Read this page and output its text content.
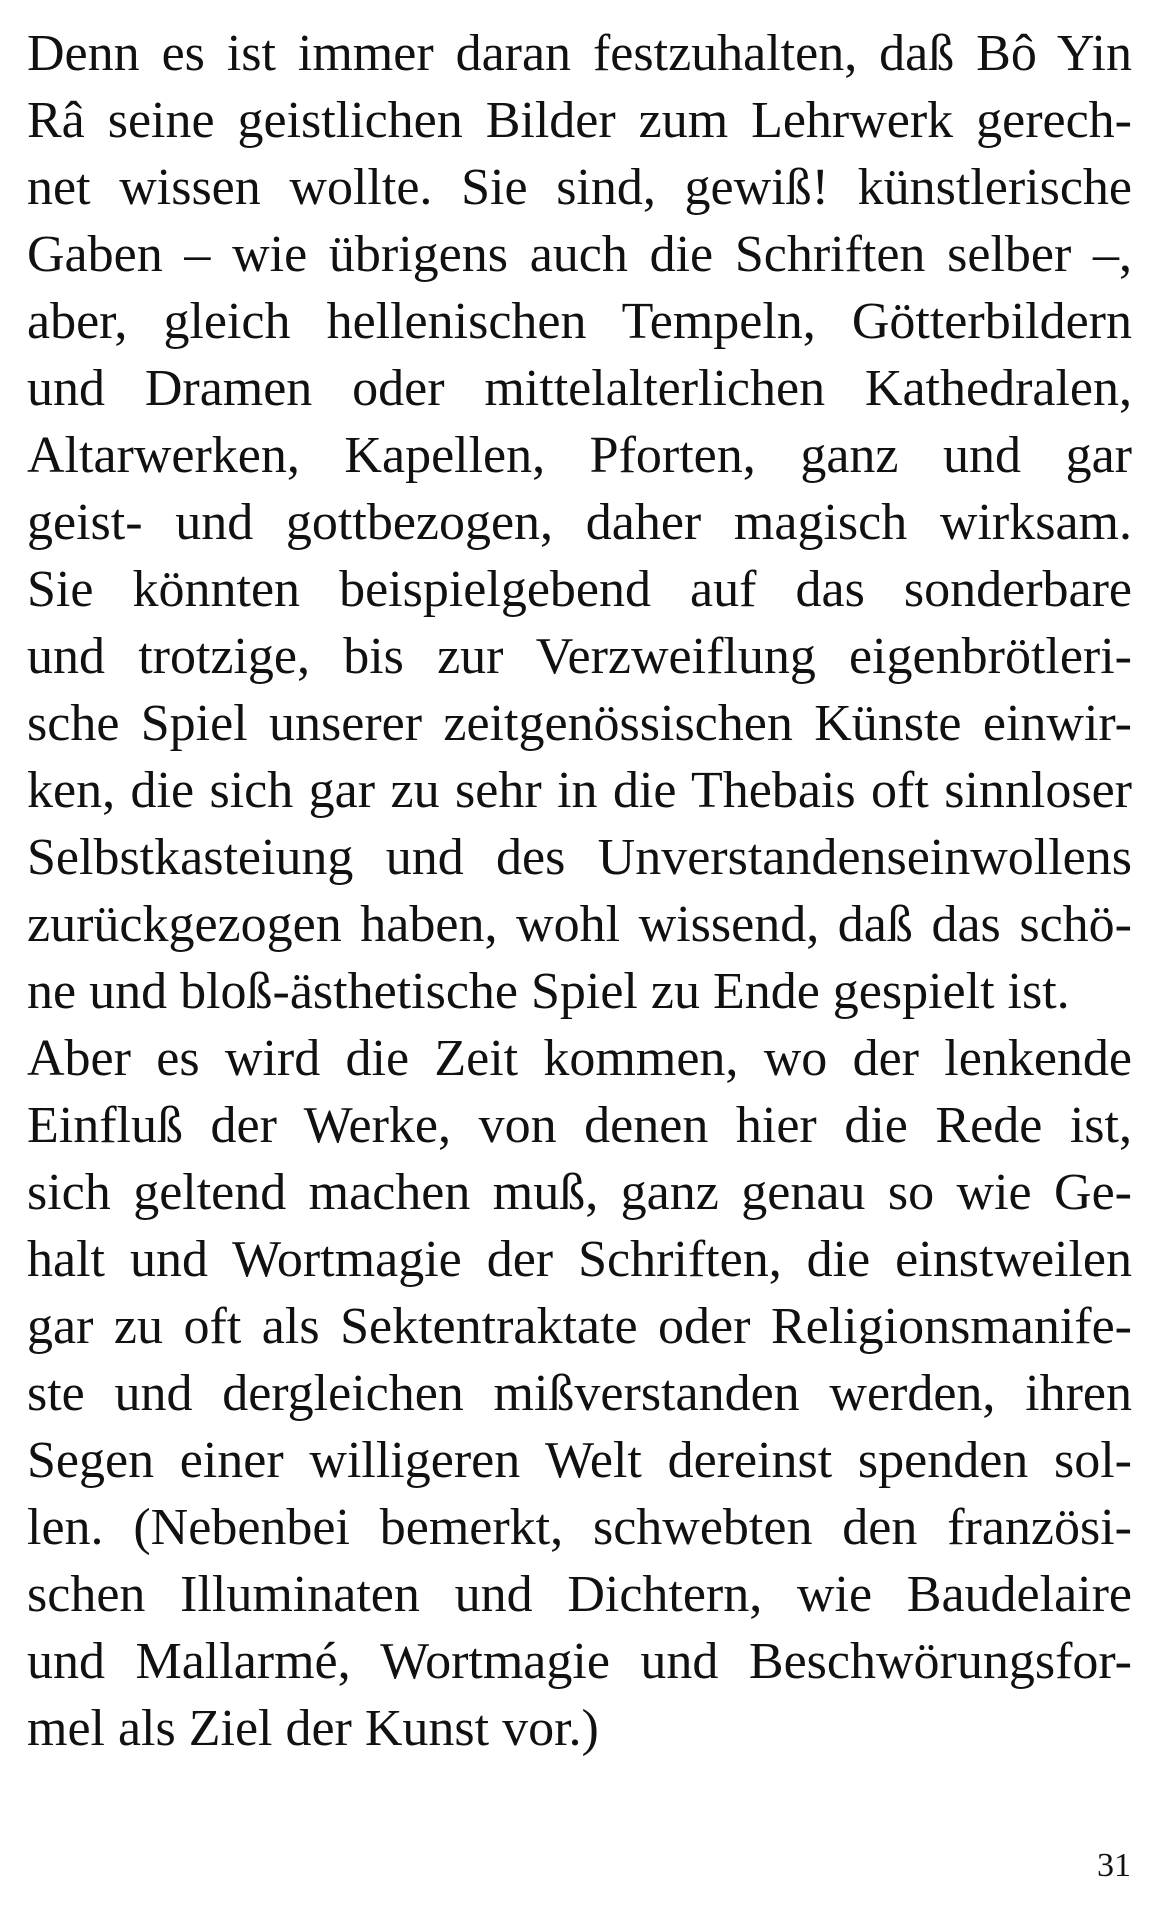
Denn es ist immer daran festzuhalten, daß Bô Yin
Râ seine geistlichen Bilder zum Lehrwerk gerech-
net wissen wollte. Sie sind, gewiß! künstlerische
Gaben – wie übrigens auch die Schriften selber –,
aber, gleich hellenischen Tempeln, Götterbildern
und Dramen oder mittelalterlichen Kathedralen,
Altarwerken, Kapellen, Pforten, ganz und gar
geist- und gottbezogen, daher magisch wirksam.
Sie könnten beispielgebend auf das sonderbare
und trotzige, bis zur Verzweiflung eigenbrötleri-
sche Spiel unserer zeitgenössischen Künste einwir-
ken, die sich gar zu sehr in die Thebais oft sinnloser
Selbstkasteiung und des Unverstandenseinwollens
zurückgezogen haben, wohl wissend, daß das schö-
ne und bloß-ästhetische Spiel zu Ende gespielt ist.
Aber es wird die Zeit kommen, wo der lenkende
Einfluß der Werke, von denen hier die Rede ist,
sich geltend machen muß, ganz genau so wie Ge-
halt und Wortmagie der Schriften, die einstweilen
gar zu oft als Sektentraktate oder Religionsmanife-
ste und dergleichen mißverstanden werden, ihren
Segen einer willigeren Welt dereinst spenden sol-
len. (Nebenbei bemerkt, schwebten den französi-
schen Illuminaten und Dichtern, wie Baudelaire
und Mallarmé, Wortmagie und Beschwörungsfor-
mel als Ziel der Kunst vor.)
31
